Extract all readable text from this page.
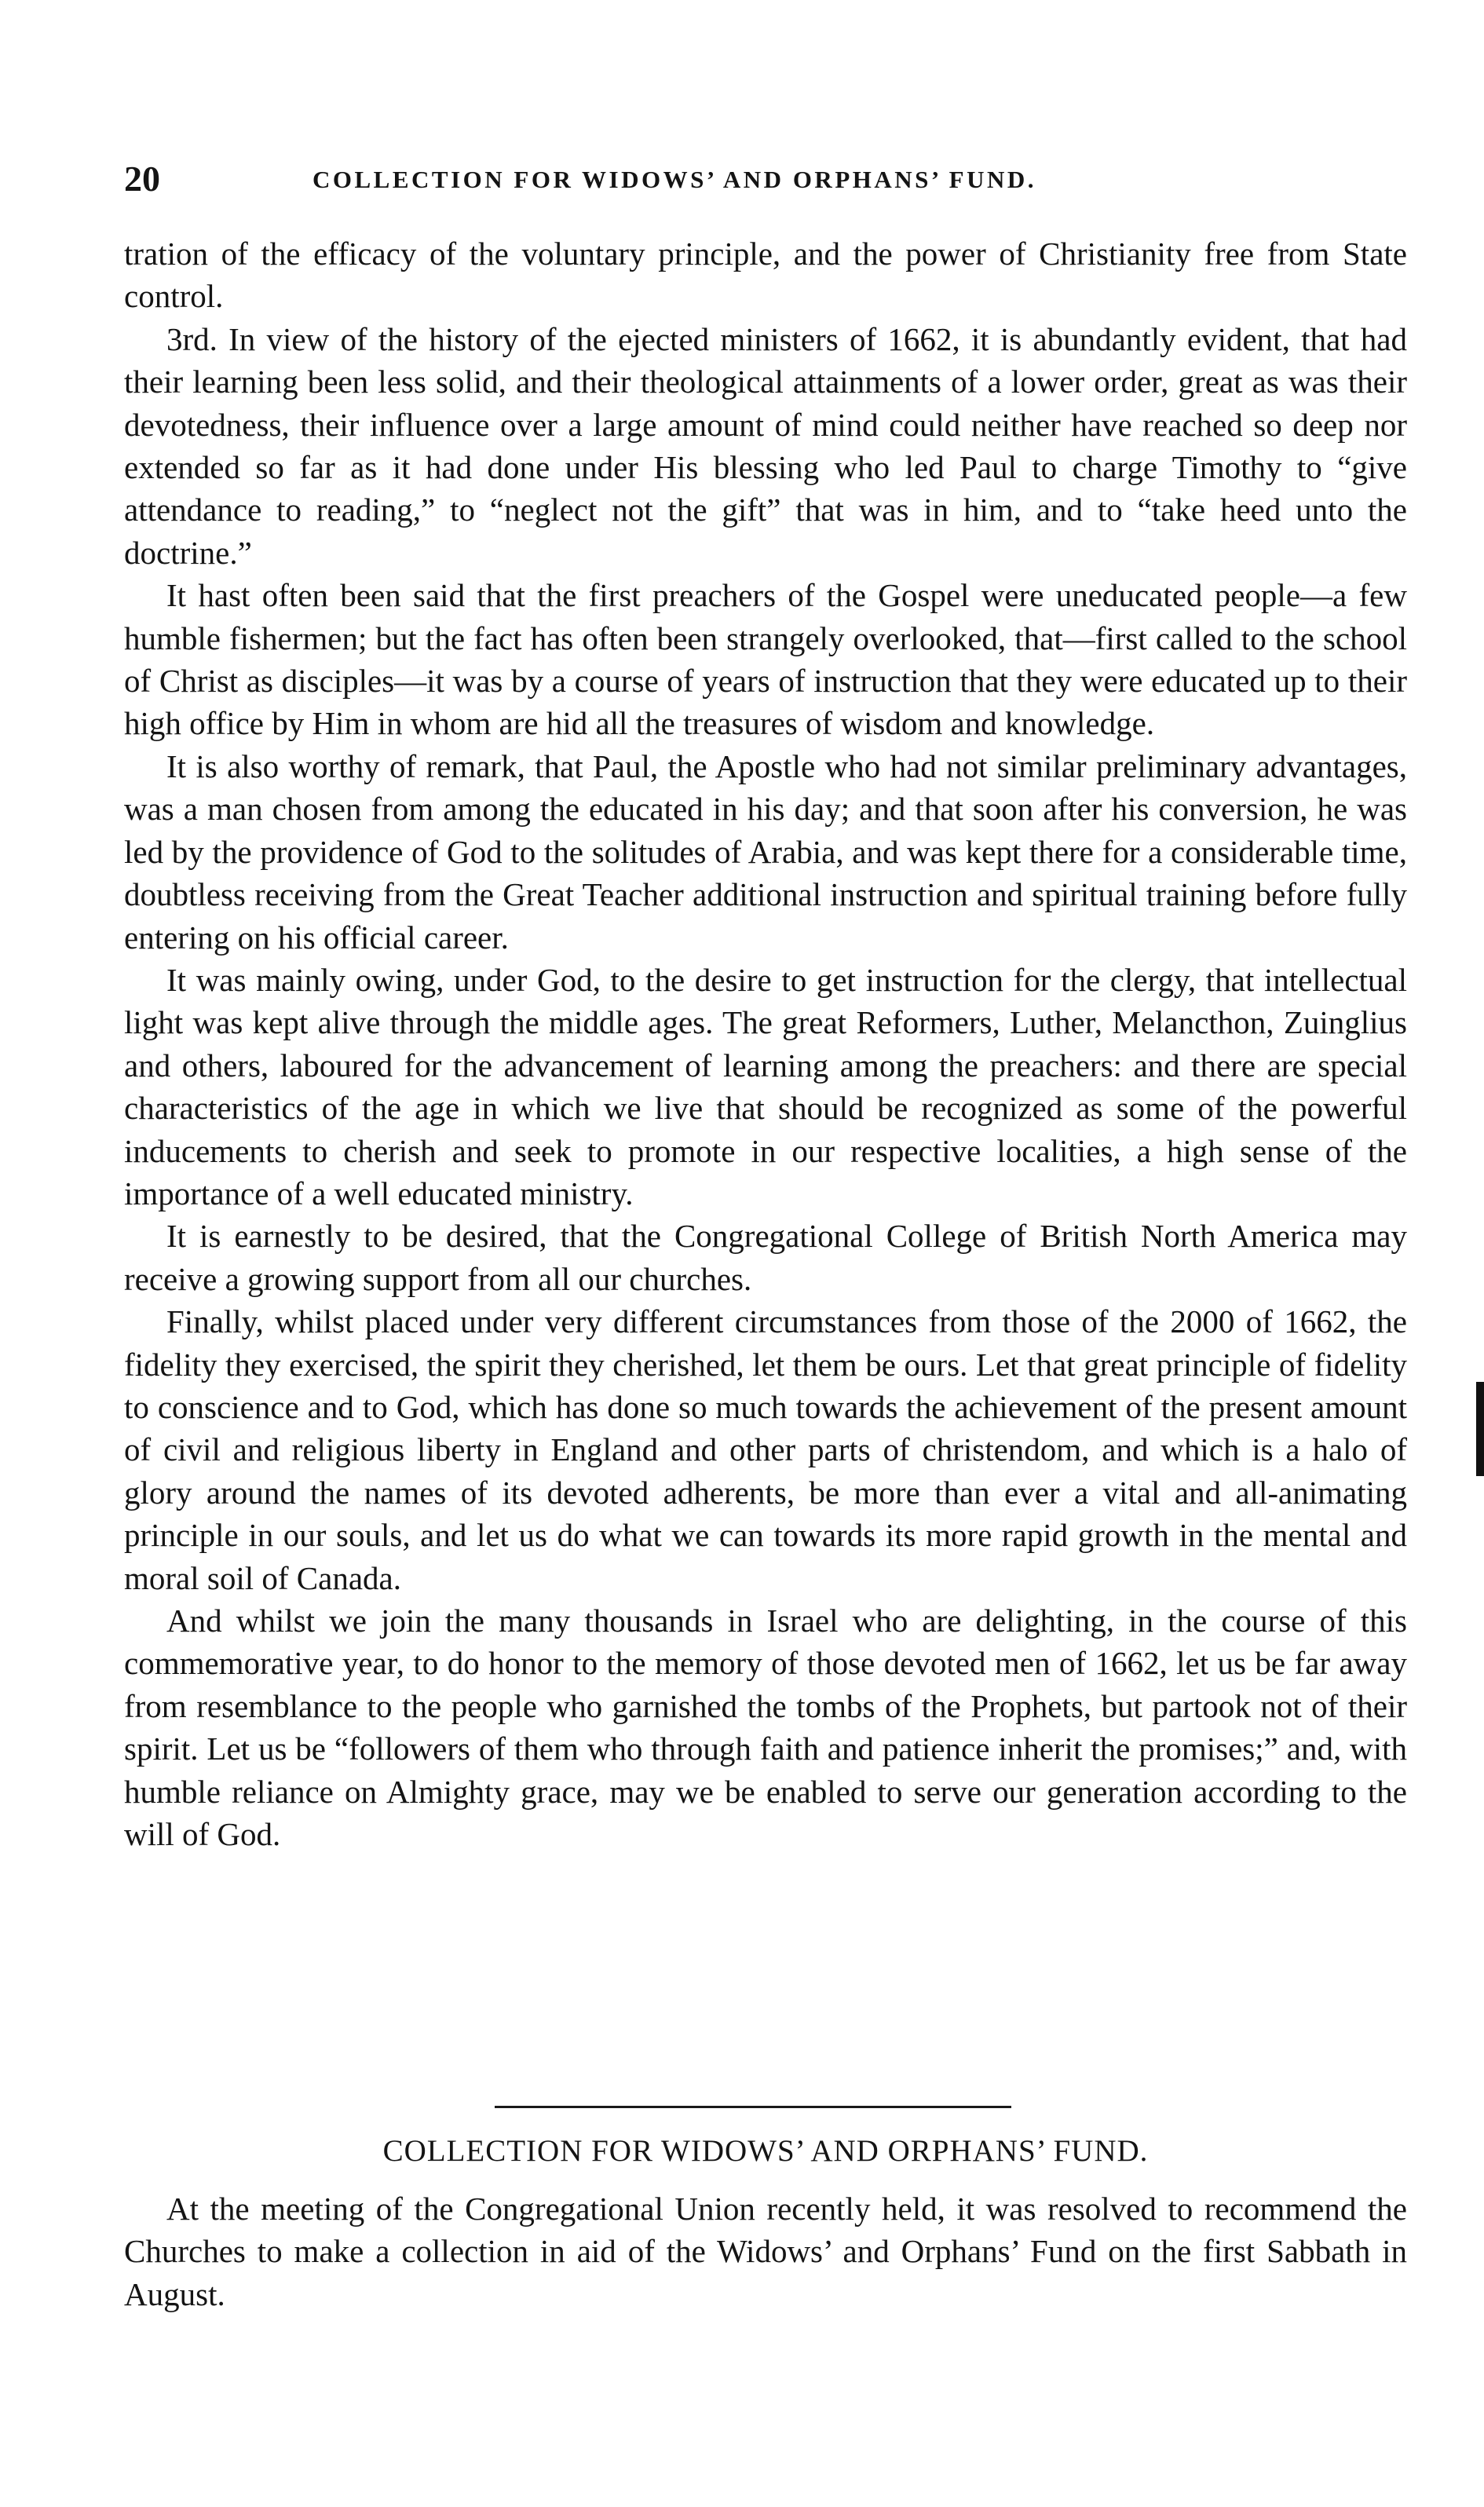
20	COLLECTION FOR WIDOWS’ AND ORPHANS’ FUND.

tration of the efficacy of the voluntary principle, and the power of Christianity free from State control.

3rd. In view of the history of the ejected ministers of 1662, it is abundantly evident, that had their learning been less solid, and their theological attainments of a lower order, great as was their devotedness, their influence over a large amount of mind could neither have reached so deep nor extended so far as it had done under His blessing who led Paul to charge Timothy to “give attendance to reading,” to “neglect not the gift” that was in him, and to “take heed unto the doctrine.”

It hast often been said that the first preachers of the Gospel were uneducated people—a few humble fishermen; but the fact has often been strangely overlooked, that—first called to the school of Christ as disciples—it was by a course of years of instruction that they were educated up to their high office by Him in whom are hid all the treasures of wisdom and knowledge.

It is also worthy of remark, that Paul, the Apostle who had not similar preliminary advantages, was a man chosen from among the educated in his day; and that soon after his conversion, he was led by the providence of God to the solitudes of Arabia, and was kept there for a considerable time, doubtless receiving from the Great Teacher additional instruction and spiritual training before fully entering on his official career.

It was mainly owing, under God, to the desire to get instruction for the clergy, that intellectual light was kept alive through the middle ages. The great Reformers, Luther, Melancthon, Zuinglius and others, laboured for the advancement of learning among the preachers: and there are special characteristics of the age in which we live that should be recognized as some of the powerful inducements to cherish and seek to promote in our respective localities, a high sense of the importance of a well educated ministry.

It is earnestly to be desired, that the Congregational College of British North America may receive a growing support from all our churches.

Finally, whilst placed under very different circumstances from those of the 2000 of 1662, the fidelity they exercised, the spirit they cherished, let them be ours. Let that great principle of fidelity to conscience and to God, which has done so much towards the achievement of the present amount of civil and religious liberty in England and other parts of christendom, and which is a halo of glory around the names of its devoted adherents, be more than ever a vital and all-animating principle in our souls, and let us do what we can towards its more rapid growth in the mental and moral soil of Canada.

And whilst we join the many thousands in Israel who are delighting, in the course of this commemorative year, to do honor to the memory of those devoted men of 1662, let us be far away from resemblance to the people who garnished the tombs of the Prophets, but partook not of their spirit. Let us be “followers of them who through faith and patience inherit the promises;” and, with humble reliance on Almighty grace, may we be enabled to serve our generation according to the will of God.

COLLECTION FOR WIDOWS’ AND ORPHANS’ FUND.

At the meeting of the Congregational Union recently held, it was resolved to recommend the Churches to make a collection in aid of the Widows’ and Orphans’ Fund on the first Sabbath in August.
